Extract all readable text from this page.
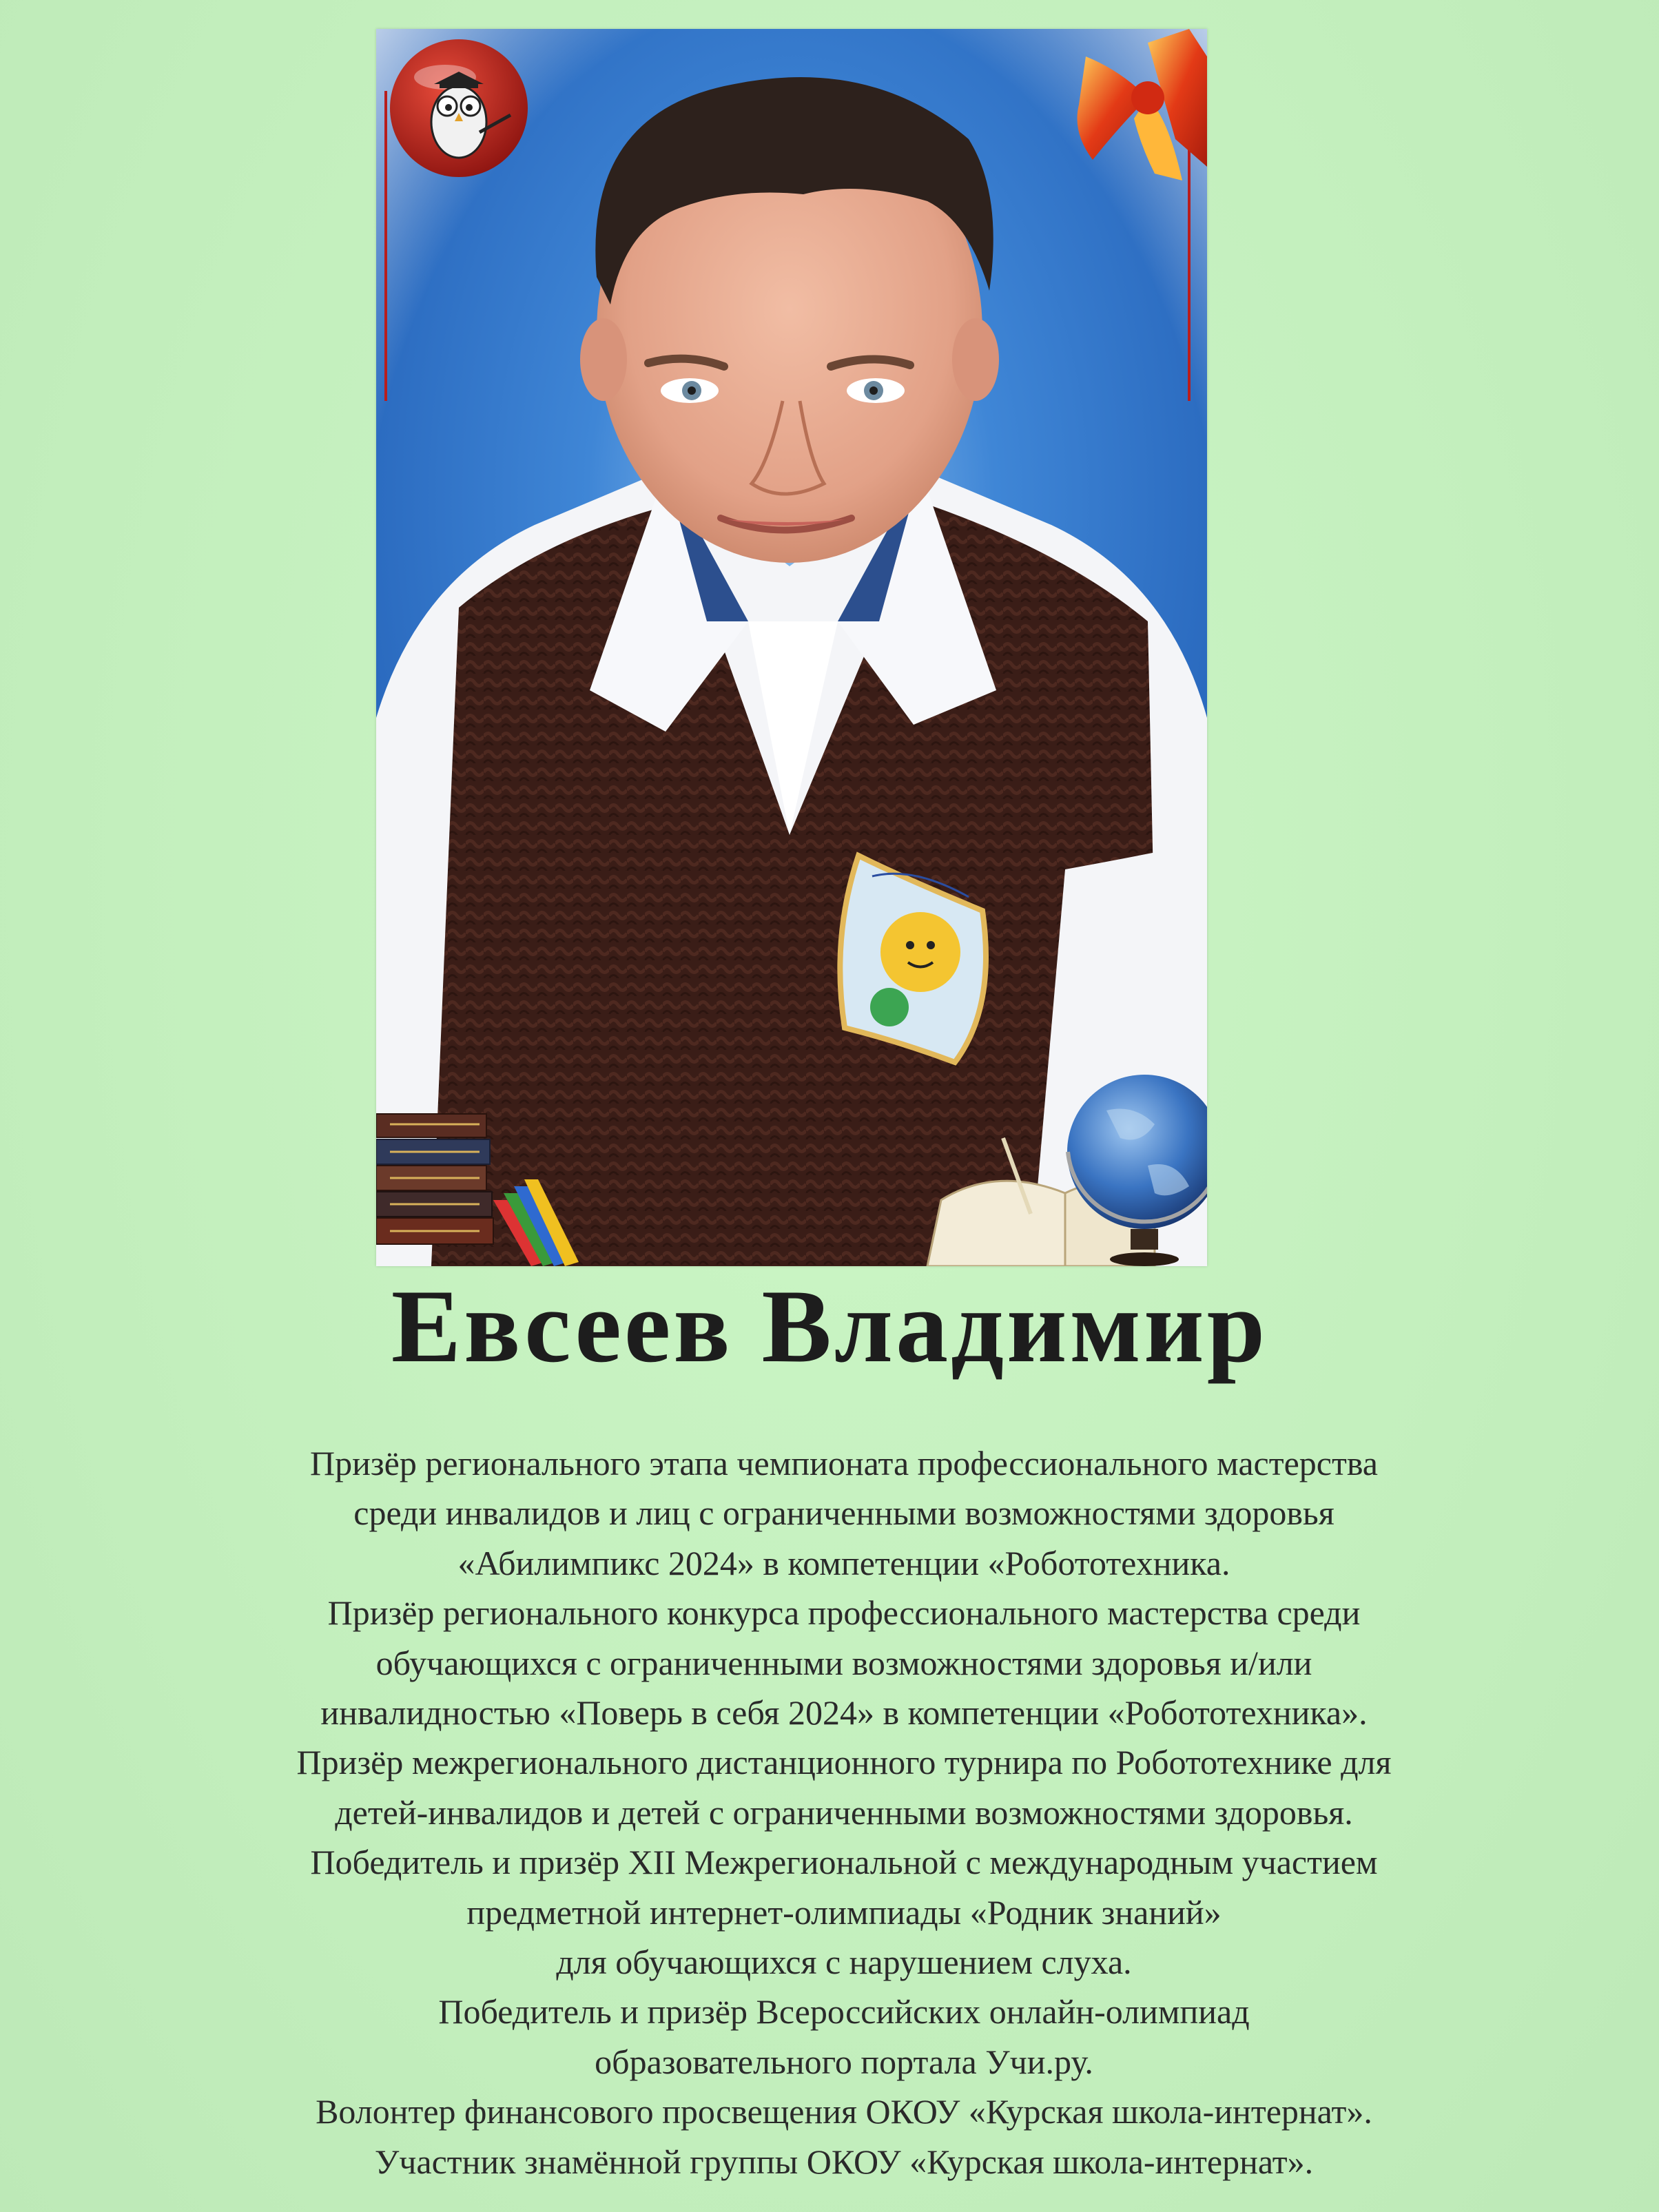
Евсеев Владимир
Призёр регионального этапа чемпионата профессионального мастерства
среди инвалидов и лиц с ограниченными возможностями здоровья
«Абилимпикс 2024» в компетенции «Робототехника.
Призёр регионального конкурса профессионального мастерства среди
обучающихся с ограниченными возможностями здоровья и/или
инвалидностью «Поверь в себя 2024» в компетенции «Робототехника».
Призёр межрегионального дистанционного турнира по Робототехнике для
детей-инвалидов и детей с ограниченными возможностями здоровья.
Победитель и призёр XII Межрегиональной с международным участием
предметной интернет-олимпиады «Родник знаний»
для обучающихся с нарушением слуха.
Победитель и призёр Всероссийских онлайн-олимпиад
образовательного портала Учи.ру.
Волонтер финансового просвещения ОКОУ «Курская школа-интернат».
Участник знамённой группы ОКОУ «Курская школа-интернат».
